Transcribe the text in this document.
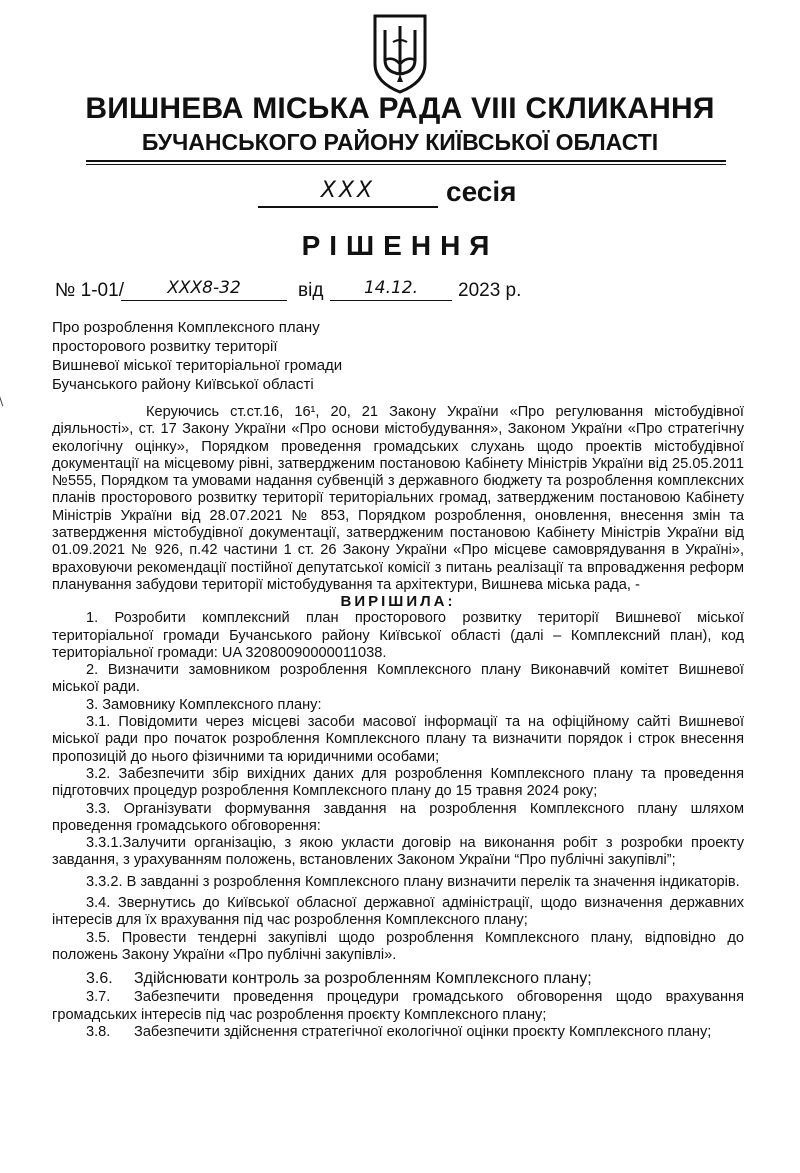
ВИШНЕВА МІСЬКА РАДА VIII СКЛИКАННЯ
БУЧАНСЬКОГО РАЙОНУ КИЇВСЬКОЇ ОБЛАСТІ
XXX	сесія
РІШЕННЯ
№ 1-01/	XXX8-32	від	14.12.	2023 р.
Про розроблення Комплексного плану
просторового розвитку території
Вишневої міської територіальної громади
Бучанського району Київської області

Керуючись ст.ст.16, 16¹, 20, 21 Закону України «Про регулювання містобудівної діяльності», ст. 17 Закону України «Про основи містобудування», Законом України «Про стратегічну екологічну оцінку», Порядком проведення громадських слухань щодо проектів містобудівної документації на місцевому рівні, затвердженим постановою Кабінету Міністрів України від 25.05.2011 №555, Порядком та умовами надання субвенцій з державного бюджету та розроблення комплексних планів просторового розвитку території територіальних громад, затвердженим постановою Кабінету Міністрів України від 28.07.2021 № 853, Порядком розроблення, оновлення, внесення змін та затвердження містобудівної документації, затвердженим постановою Кабінету Міністрів України від 01.09.2021 № 926, п.42 частини 1 ст. 26 Закону України «Про місцеве самоврядування в Україні», враховуючи рекомендації постійної депутатської комісії з питань реалізації та впровадження реформ планування забудови території містобудування та архітектури, Вишнева міська рада, -

ВИРІШИЛА:

1. Розробити комплексний план просторового розвитку території Вишневої міської територіальної громади Бучанського району Київської області (далі – Комплексний план), код територіальної громади: UA 32080090000011038.

2. Визначити замовником розроблення Комплексного плану Виконавчий комітет Вишневої міської ради.

3. Замовнику Комплексного плану:

3.1. Повідомити через місцеві засоби масової інформації та на офіційному сайті Вишневої міської ради про початок розроблення Комплексного плану та визначити порядок і строк внесення пропозицій до нього фізичними та юридичними особами;

3.2. Забезпечити збір вихідних даних для розроблення Комплексного плану та проведення підготовчих процедур розроблення Комплексного плану до 15 травня 2024 року;

3.3. Організувати формування завдання на розроблення Комплексного плану шляхом проведення громадського обговорення:

3.3.1.Залучити організацію, з якою укласти договір на виконання робіт з розробки проекту завдання, з урахуванням положень, встановлених Законом України “Про публічні закупівлі”;

3.3.2. В завданні з розроблення Комплексного плану визначити перелік та значення індикаторів.

3.4. Звернутись до Київської обласної державної адміністрації, щодо визначення державних інтересів для їх врахування під час розроблення Комплексного плану;

3.5. Провести тендерні закупівлі щодо розроблення Комплексного плану, відповідно до положень Закону України «Про публічні закупівлі».

3.6. Здійснювати контроль за розробленням Комплексного плану;

3.7. Забезпечити проведення процедури громадського обговорення щодо врахування громадських інтересів під час розроблення проєкту Комплексного плану;

3.8. Забезпечити здійснення стратегічної екологічної оцінки проєкту Комплексного плану;
